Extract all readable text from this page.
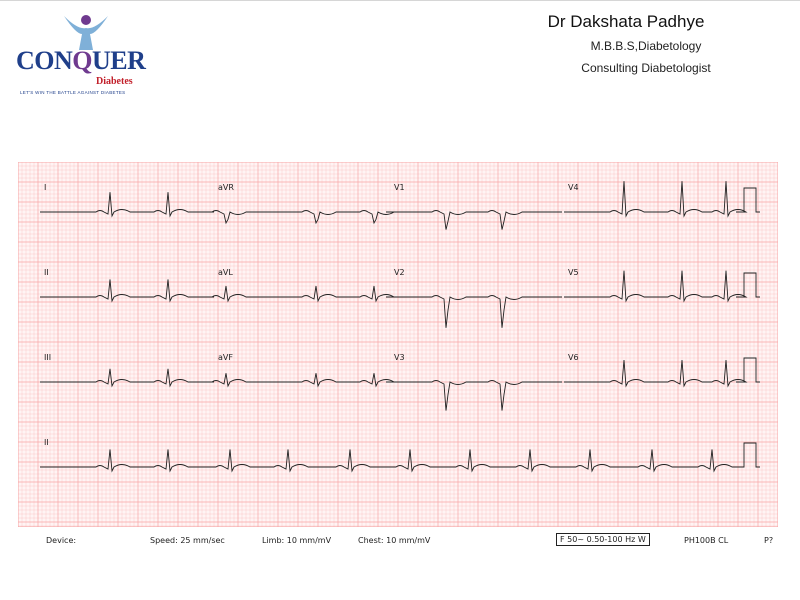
CONQUER
Diabetes
LET'S WIN THE BATTLE AGAINST DIABETES
Dr Dakshata Padhye
M.B.B.S,Diabetology
Consulting Diabetologist
I	aVR	V1	V4
II	aVL	V2	V5
III	aVF	V3	V6
II
Device:	Speed: 25 mm/sec	Limb: 10 mm/mV	Chest: 10 mm/mV	F 50~ 0.50-100 Hz W	PH100B CL	P?
